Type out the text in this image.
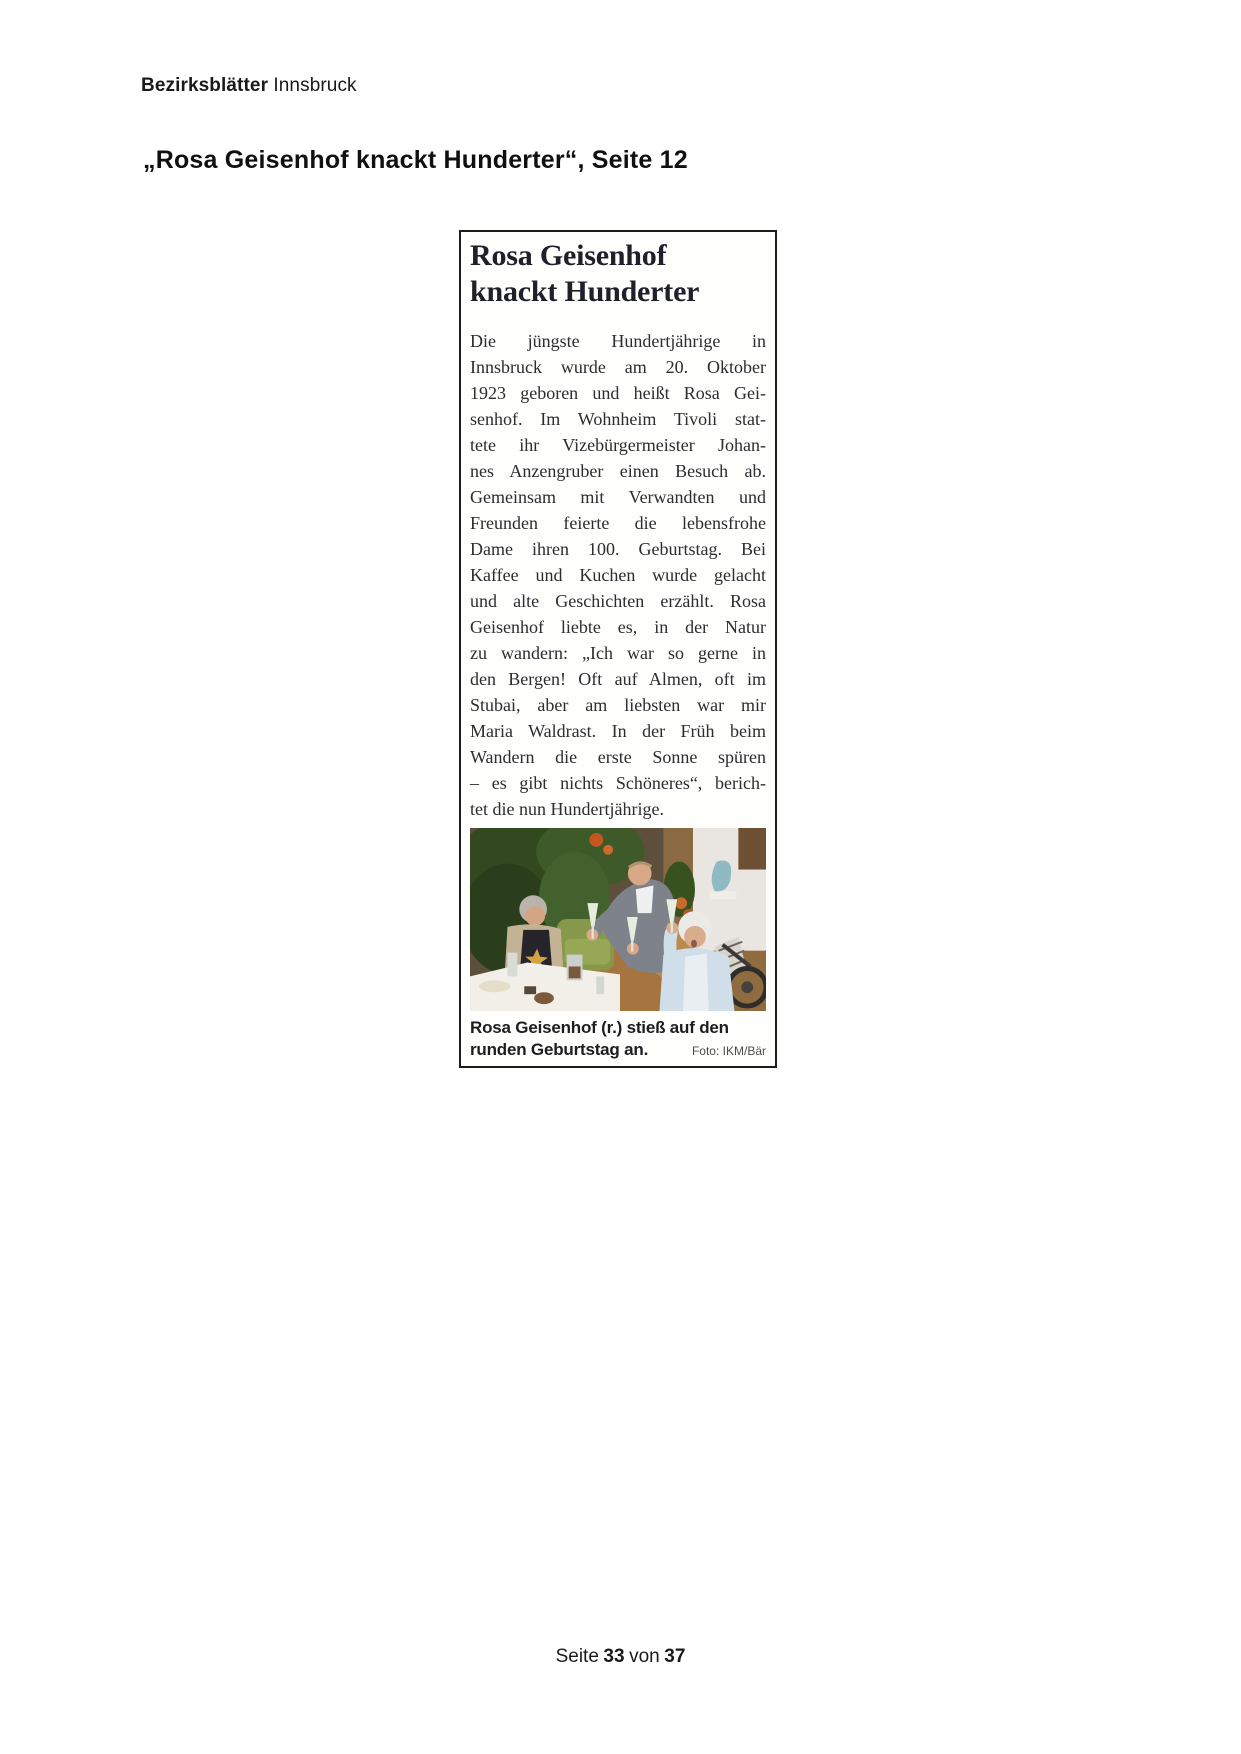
Bezirksblätter Innsbruck
„Rosa Geisenhof knackt Hunderter“, Seite 12
Rosa Geisenhof
knackt Hunderter
Die jüngste Hundertjährige in
Innsbruck wurde am 20. Oktober
1923 geboren und heißt Rosa Gei-
senhof. Im Wohnheim Tivoli stat-
tete ihr Vizebürgermeister Johan-
nes Anzengruber einen Besuch ab.
Gemeinsam mit Verwandten und
Freunden feierte die lebensfrohe
Dame ihren 100. Geburtstag. Bei
Kaffee und Kuchen wurde gelacht
und alte Geschichten erzählt. Rosa
Geisenhof liebte es, in der Natur
zu wandern: „Ich war so gerne in
den Bergen! Oft auf Almen, oft im
Stubai, aber am liebsten war mir
Maria Waldrast. In der Früh beim
Wandern die erste Sonne spüren
– es gibt nichts Schöneres“, berich-
tet die nun Hundertjährige.
Rosa Geisenhof (r.) stieß auf den
runden Geburtstag an.	Foto: IKM/Bär
Seite 33 von 37
